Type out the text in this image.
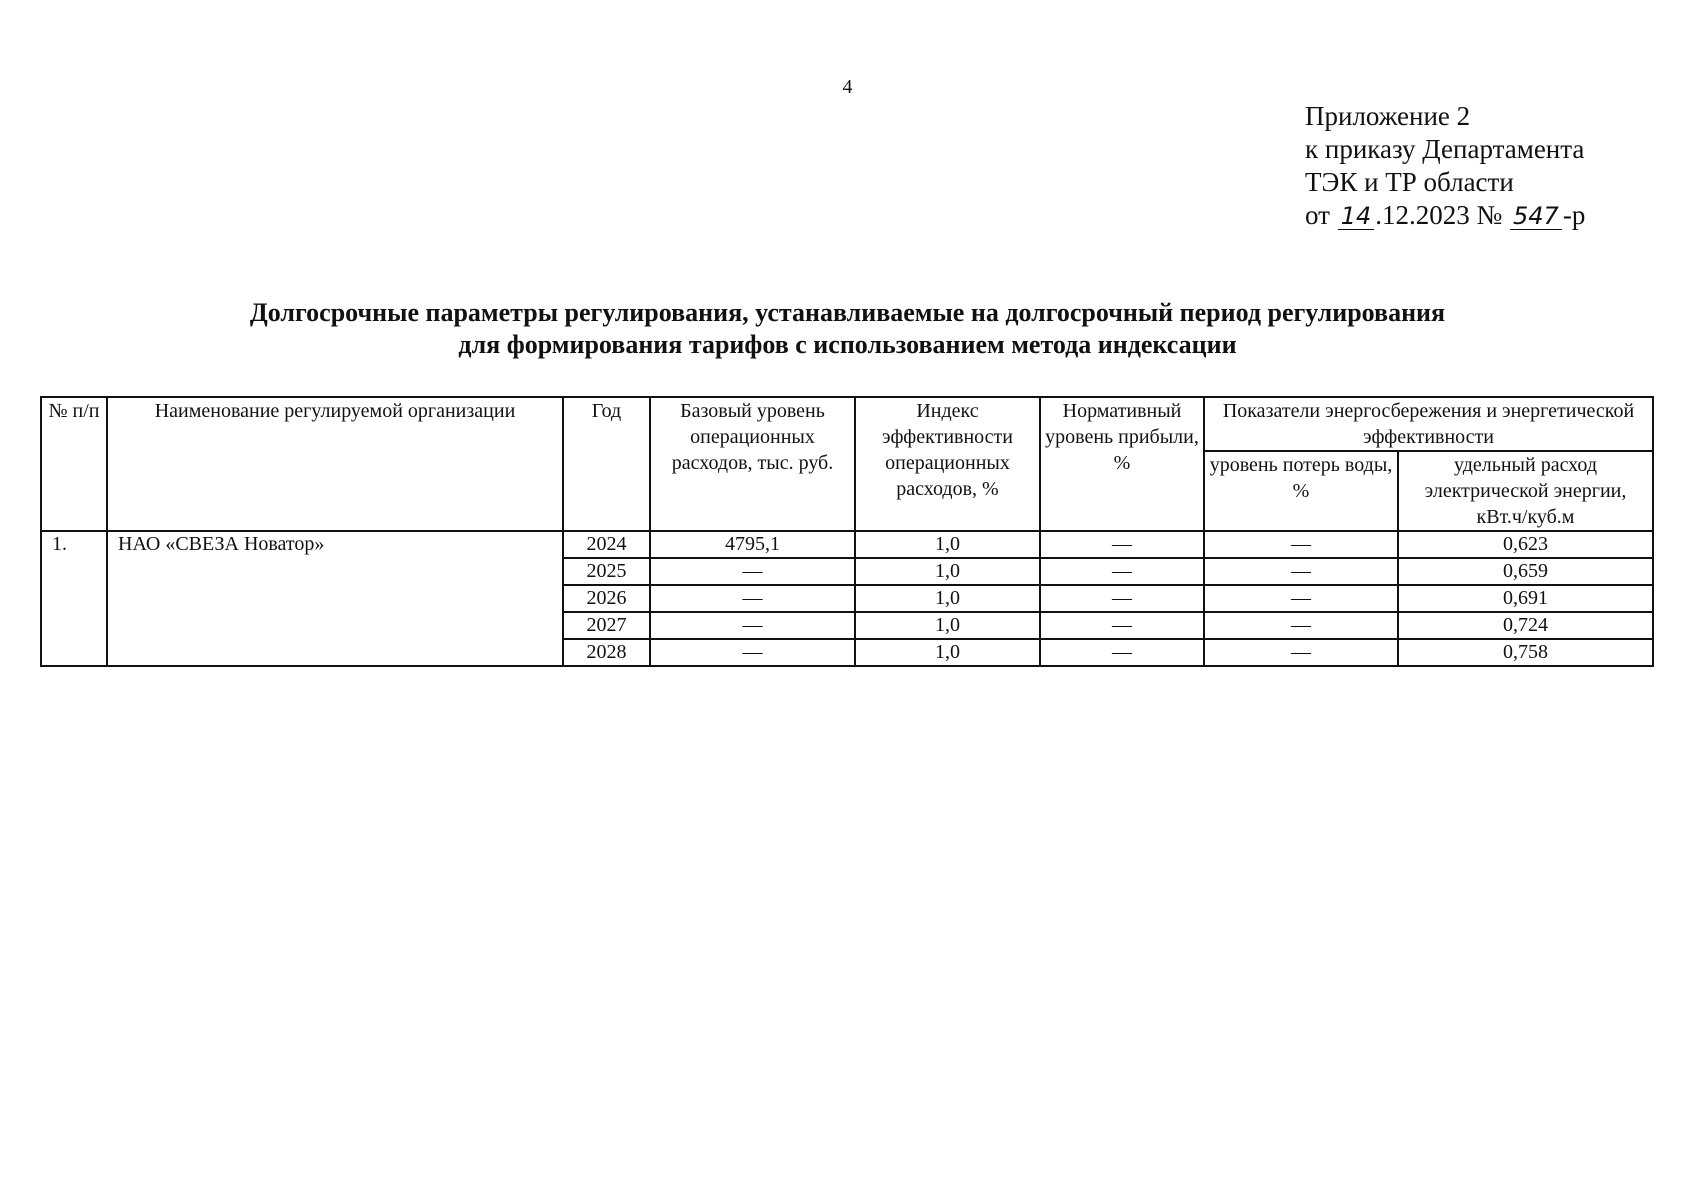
4
Приложение 2
к приказу Департамента
ТЭК и ТР области
от 14 .12.2023 № 547 -р
Долгосрочные параметры регулирования, устанавливаемые на долгосрочный период регулирования
для формирования тарифов с использованием метода индексации
№ п/п	Наименование регулируемой организации	Год	Базовый уровень операционных расходов, тыс. руб.	Индекс эффективности операционных расходов, %	Нормативный уровень прибыли, %	Показатели энергосбережения и энергетической эффективности	
						уровень потерь воды, %	удельный расход электрической энергии, кВт.ч/куб.м
1.	НАО «СВЕЗА Новатор»	2024	4795,1	1,0	—	—	0,623
		2025	—	1,0	—	—	0,659
		2026	—	1,0	—	—	0,691
		2027	—	1,0	—	—	0,724
		2028	—	1,0	—	—	0,758
